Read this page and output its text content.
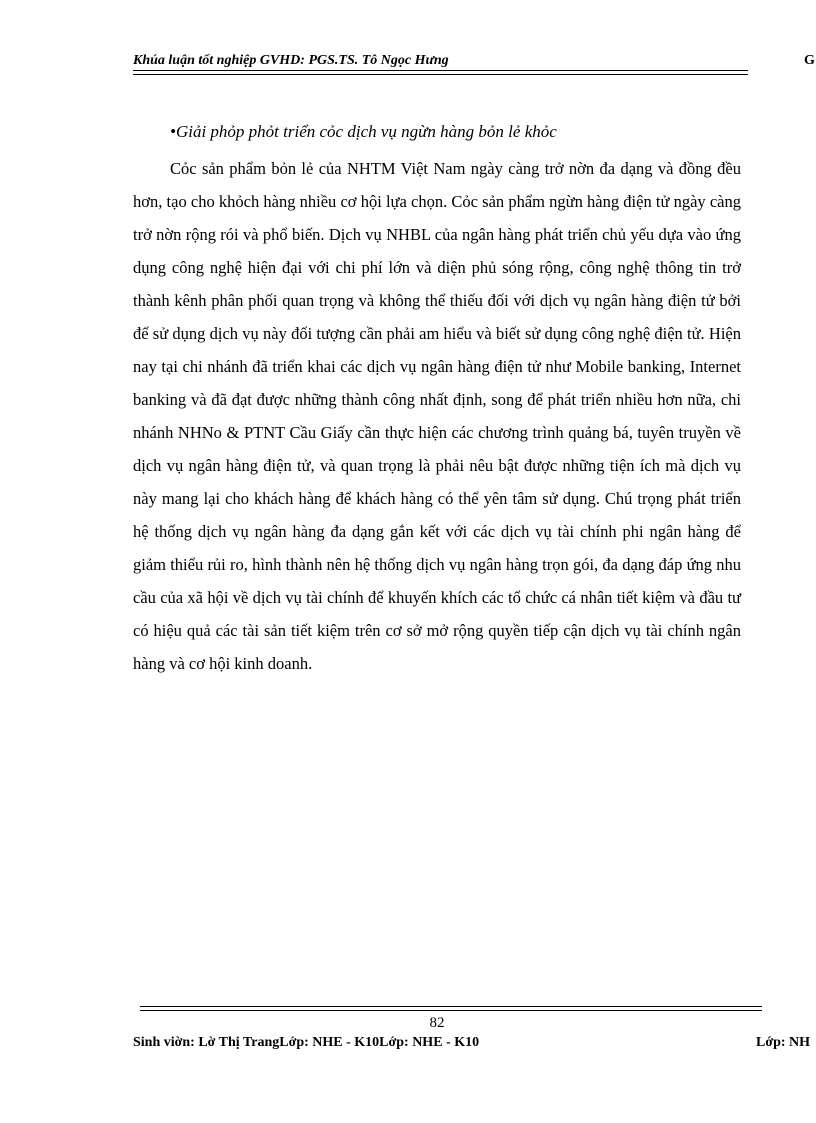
Khúa luận tốt nghiệp GVHD: PGS.TS. Tô Ngọc Hưng	G

•Giải phỏp phỏt triển cỏc dịch vụ ngừn hàng bỏn lẻ khỏc

Cỏc sản phẩm bỏn lẻ của NHTM Việt Nam ngày càng trở nờn đa dạng và đồng đều hơn, tạo cho khỏch hàng nhiều cơ hội lựa chọn. Cỏc sản phẩm ngừn hàng điện tử ngày càng trở nờn rộng rói và phổ biến. Dịch vụ NHBL của ngân hàng phát triển chủ yếu dựa vào ứng dụng công nghệ hiện đại với chi phí lớn và diện phủ sóng rộng, công nghệ thông tin trở thành kênh phân phối quan trọng và không thể thiếu đối với dịch vụ ngân hàng điện tử bởi để sử dụng dịch vụ này đối tượng cần phải am hiểu và biết sử dụng công nghệ điện tử. Hiện nay tại chi nhánh đã triển khai các dịch vụ ngân hàng điện tử như Mobile banking, Internet banking và đã đạt được những thành công nhất định, song để phát triển nhiều hơn nữa, chi nhánh NHNo & PTNT Cầu Giấy cần thực hiện các chương trình quảng bá, tuyên truyền về dịch vụ ngân hàng điện tử, và quan trọng là phải nêu bật được những tiện ích mà dịch vụ này mang lại cho khách hàng để khách hàng có thể yên tâm sử dụng. Chú trọng phát triển hệ thống dịch vụ ngân hàng đa dạng gắn kết với các dịch vụ tài chính phi ngân hàng để giảm thiểu rủi ro, hình thành nên hệ thống dịch vụ ngân hàng trọn gói, đa dạng đáp ứng nhu cầu của xã hội về dịch vụ tài chính để khuyến khích các tổ chức cá nhân tiết kiệm và đầu tư có hiệu quả các tài sản tiết kiệm trên cơ sở mở rộng quyền tiếp cận dịch vụ tài chính ngân hàng và cơ hội kinh doanh.

82

Sinh viờn: Lờ Thị TrangLớp: NHE - K10Lớp: NHE - K10	Lớp: NH
